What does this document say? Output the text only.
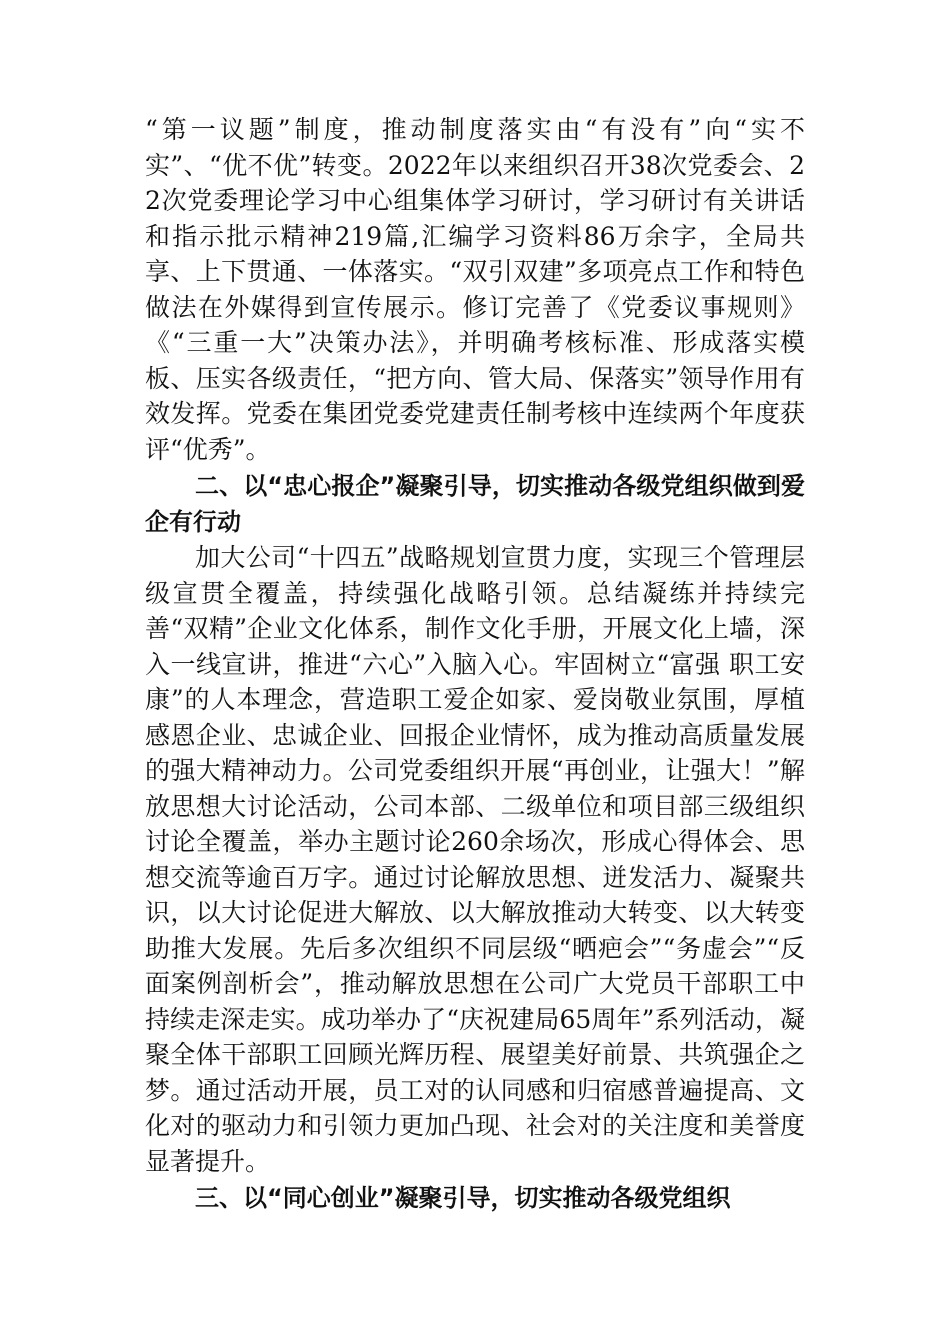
“第一议题”制度，推动制度落实由“有没有”向“实不实”、“优不优”转变。2022年以来组织召开38次党委会、22次党委理论学习中心组集体学习研讨，学习研讨有关讲话和指示批示精神219篇,汇编学习资料86万余字，全局共享、上下贯通、一体落实。“双引双建”多项亮点工作和特色做法在外媒得到宣传展示。修订完善了《党委议事规则》《“三重一大”决策办法》，并明确考核标准、形成落实模板、压实各级责任，“把方向、管大局、保落实”领导作用有效发挥。党委在集团党委党建责任制考核中连续两个年度获评“优秀”。

二、以“忠心报企”凝聚引导，切实推动各级党组织做到爱企有行动

加大公司“十四五”战略规划宣贯力度，实现三个管理层级宣贯全覆盖，持续强化战略引领。总结凝练并持续完善“双精”企业文化体系，制作文化手册，开展文化上墙，深入一线宣讲，推进“六心”入脑入心。牢固树立“富强 职工安康”的人本理念，营造职工爱企如家、爱岗敬业氛围，厚植感恩企业、忠诚企业、回报企业情怀，成为推动高质量发展的强大精神动力。公司党委组织开展“再创业，让强大！”解放思想大讨论活动，公司本部、二级单位和项目部三级组织讨论全覆盖，举办主题讨论260余场次，形成心得体会、思想交流等逾百万字。通过讨论解放思想、迸发活力、凝聚共识，以大讨论促进大解放、以大解放推动大转变、以大转变助推大发展。先后多次组织不同层级“晒疤会”“务虚会”“反面案例剖析会”，推动解放思想在公司广大党员干部职工中持续走深走实。成功举办了“庆祝建局65周年”系列活动，凝聚全体干部职工回顾光辉历程、展望美好前景、共筑强企之梦。通过活动开展，员工对的认同感和归宿感普遍提高、文化对的驱动力和引领力更加凸现、社会对的关注度和美誉度显著提升。

三、以“同心创业”凝聚引导，切实推动各级党组织
